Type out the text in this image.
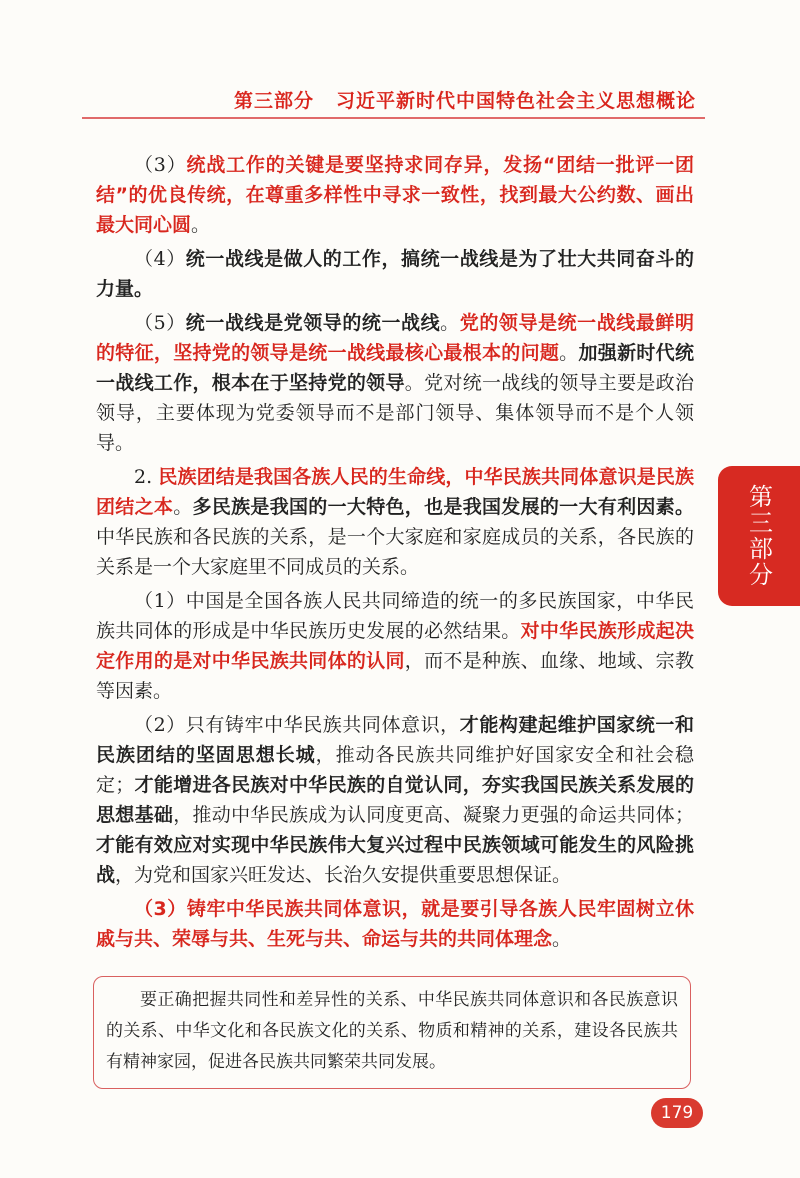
第三部分 习近平新时代中国特色社会主义思想概论

（3）统战工作的关键是要坚持求同存异，发扬“团结一批评一团结”的优良传统，在尊重多样性中寻求一致性，找到最大公约数、画出最大同心圆。

（4）统一战线是做人的工作，搞统一战线是为了壮大共同奋斗的力量。

（5）统一战线是党领导的统一战线。党的领导是统一战线最鲜明的特征，坚持党的领导是统一战线最核心最根本的问题。加强新时代统一战线工作，根本在于坚持党的领导。党对统一战线的领导主要是政治领导，主要体现为党委领导而不是部门领导、集体领导而不是个人领导。

2. 民族团结是我国各族人民的生命线，中华民族共同体意识是民族团结之本。多民族是我国的一大特色，也是我国发展的一大有利因素。中华民族和各民族的关系，是一个大家庭和家庭成员的关系，各民族的关系是一个大家庭里不同成员的关系。

（1）中国是全国各族人民共同缔造的统一的多民族国家，中华民族共同体的形成是中华民族历史发展的必然结果。对中华民族形成起决定作用的是对中华民族共同体的认同，而不是种族、血缘、地域、宗教等因素。

（2）只有铸牢中华民族共同体意识，才能构建起维护国家统一和民族团结的坚固思想长城，推动各民族共同维护好国家安全和社会稳定；才能增进各民族对中华民族的自觉认同，夯实我国民族关系发展的思想基础，推动中华民族成为认同度更高、凝聚力更强的命运共同体；才能有效应对实现中华民族伟大复兴过程中民族领域可能发生的风险挑战，为党和国家兴旺发达、长治久安提供重要思想保证。

（3）铸牢中华民族共同体意识，就是要引导各族人民牢固树立休戚与共、荣辱与共、生死与共、命运与共的共同体理念。

要正确把握共同性和差异性的关系、中华民族共同体意识和各民族意识的关系、中华文化和各民族文化的关系、物质和精神的关系，建设各民族共有精神家园，促进各民族共同繁荣共同发展。

第三部分
179
